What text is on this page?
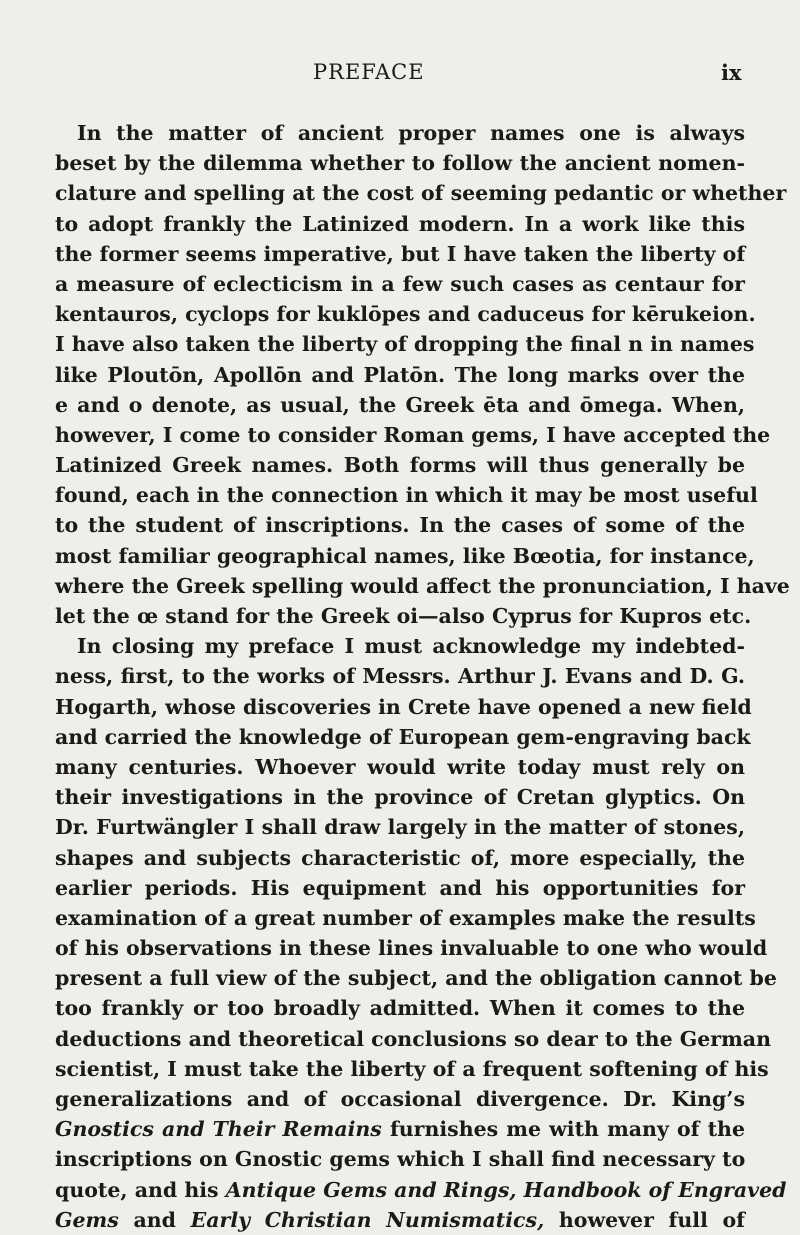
PREFACE	ix
In the matter of ancient proper names one is always
beset by the dilemma whether to follow the ancient nomen-
clature and spelling at the cost of seeming pedantic or whether
to adopt frankly the Latinized modern. In a work like this
the former seems imperative, but I have taken the liberty of
a measure of eclecticism in a few such cases as centaur for
kentauros, cyclops for kuklōpes and caduceus for kērukeion.
I have also taken the liberty of dropping the final n in names
like Ploutōn, Apollōn and Platōn. The long marks over the
e and o denote, as usual, the Greek ēta and ōmega. When,
however, I come to consider Roman gems, I have accepted the
Latinized Greek names. Both forms will thus generally be
found, each in the connection in which it may be most useful
to the student of inscriptions. In the cases of some of the
most familiar geographical names, like Bœotia, for instance,
where the Greek spelling would affect the pronunciation, I have
let the œ stand for the Greek oi—also Cyprus for Kupros etc.
In closing my preface I must acknowledge my indebted-
ness, first, to the works of Messrs. Arthur J. Evans and D. G.
Hogarth, whose discoveries in Crete have opened a new field
and carried the knowledge of European gem-engraving back
many centuries. Whoever would write today must rely on
their investigations in the province of Cretan glyptics. On
Dr. Furtwängler I shall draw largely in the matter of stones,
shapes and subjects characteristic of, more especially, the
earlier periods. His equipment and his opportunities for
examination of a great number of examples make the results
of his observations in these lines invaluable to one who would
present a full view of the subject, and the obligation cannot be
too frankly or too broadly admitted. When it comes to the
deductions and theoretical conclusions so dear to the German
scientist, I must take the liberty of a frequent softening of his
generalizations and of occasional divergence. Dr. King’s
Gnostics and Their Remains furnishes me with many of the
inscriptions on Gnostic gems which I shall find necessary to
quote, and his Antique Gems and Rings, Handbook of Engraved
Gems and Early Christian Numismatics, however full of
